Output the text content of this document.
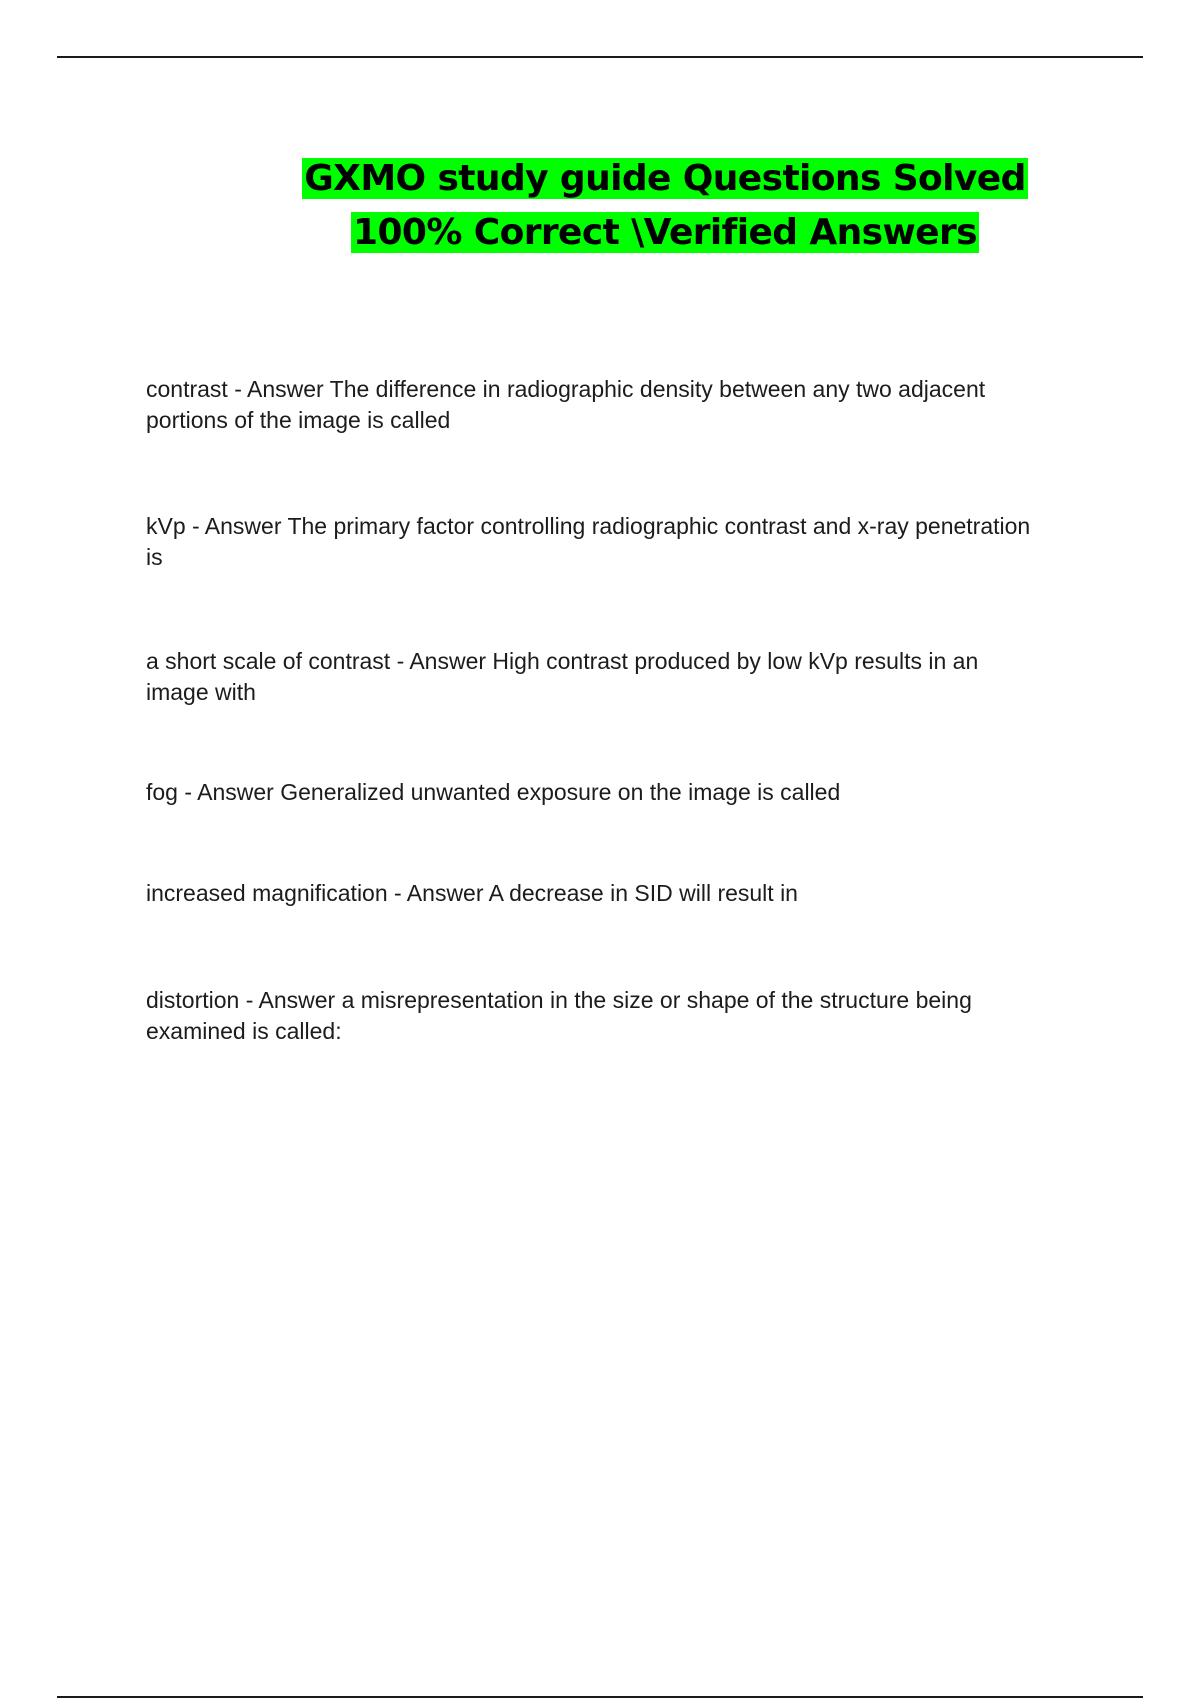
GXMO study guide Questions Solved
100% Correct \Verified Answers

contrast - Answer The difference in radiographic density between any two adjacent portions of the image is called

kVp - Answer The primary factor controlling radiographic contrast and x-ray penetration is

a short scale of contrast - Answer High contrast produced by low kVp results in an image with

fog - Answer Generalized unwanted exposure on the image is called

increased magnification - Answer A decrease in SID will result in

distortion - Answer a misrepresentation in the size or shape of the structure being examined is called:
